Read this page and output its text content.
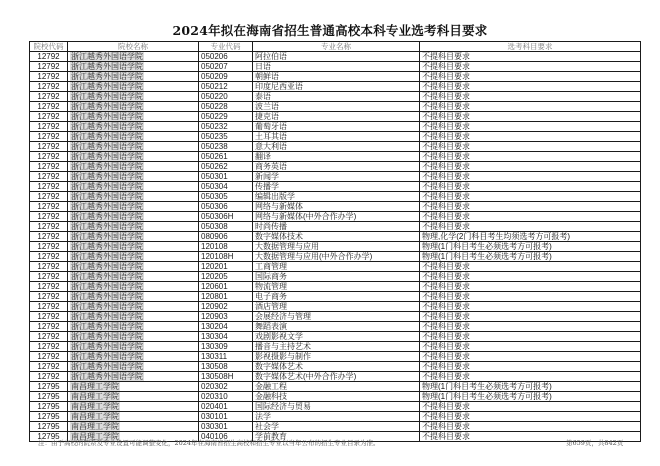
2024年拟在海南省招生普通高校本科专业选考科目要求
院校代码	院校名称	专业代码	专业名称	选考科目要求
12792	浙江越秀外国语学院	050206	阿拉伯语	不提科目要求
12792	浙江越秀外国语学院	050207	日语	不提科目要求
12792	浙江越秀外国语学院	050209	朝鲜语	不提科目要求
12792	浙江越秀外国语学院	050212	印度尼西亚语	不提科目要求
12792	浙江越秀外国语学院	050220	泰语	不提科目要求
12792	浙江越秀外国语学院	050228	波兰语	不提科目要求
12792	浙江越秀外国语学院	050229	捷克语	不提科目要求
12792	浙江越秀外国语学院	050232	葡萄牙语	不提科目要求
12792	浙江越秀外国语学院	050235	土耳其语	不提科目要求
12792	浙江越秀外国语学院	050238	意大利语	不提科目要求
12792	浙江越秀外国语学院	050261	翻译	不提科目要求
12792	浙江越秀外国语学院	050262	商务英语	不提科目要求
12792	浙江越秀外国语学院	050301	新闻学	不提科目要求
12792	浙江越秀外国语学院	050304	传播学	不提科目要求
12792	浙江越秀外国语学院	050305	编辑出版学	不提科目要求
12792	浙江越秀外国语学院	050306	网络与新媒体	不提科目要求
12792	浙江越秀外国语学院	050306H	网络与新媒体(中外合作办学)	不提科目要求
12792	浙江越秀外国语学院	050308	时尚传播	不提科目要求
12792	浙江越秀外国语学院	080906	数字媒体技术	物理,化学(2门科目考生均须选考方可报考)
12792	浙江越秀外国语学院	120108	大数据管理与应用	物理(1门科目考生必须选考方可报考)
12792	浙江越秀外国语学院	120108H	大数据管理与应用(中外合作办学)	物理(1门科目考生必须选考方可报考)
12792	浙江越秀外国语学院	120201	工商管理	不提科目要求
12792	浙江越秀外国语学院	120205	国际商务	不提科目要求
12792	浙江越秀外国语学院	120601	物流管理	不提科目要求
12792	浙江越秀外国语学院	120801	电子商务	不提科目要求
12792	浙江越秀外国语学院	120902	酒店管理	不提科目要求
12792	浙江越秀外国语学院	120903	会展经济与管理	不提科目要求
12792	浙江越秀外国语学院	130204	舞蹈表演	不提科目要求
12792	浙江越秀外国语学院	130304	戏剧影视文学	不提科目要求
12792	浙江越秀外国语学院	130309	播音与主持艺术	不提科目要求
12792	浙江越秀外国语学院	130311	影视摄影与制作	不提科目要求
12792	浙江越秀外国语学院	130508	数字媒体艺术	不提科目要求
12792	浙江越秀外国语学院	130508H	数字媒体艺术(中外合作办学)	不提科目要求
12795	南昌理工学院	020302	金融工程	物理(1门科目考生必须选考方可报考)
12795	南昌理工学院	020310	金融科技	物理(1门科目考生必须选考方可报考)
12795	南昌理工学院	020401	国际经济与贸易	不提科目要求
12795	南昌理工学院	030101	法学	不提科目要求
12795	南昌理工学院	030301	社会学	不提科目要求
12795	南昌理工学院	040106	学前教育	不提科目要求
注：由于高校的院系及专业设置可能调整变化，2024年在海南省招生高校和招生专业以当年公布的招生专业目录为准。	第659页，共842页
